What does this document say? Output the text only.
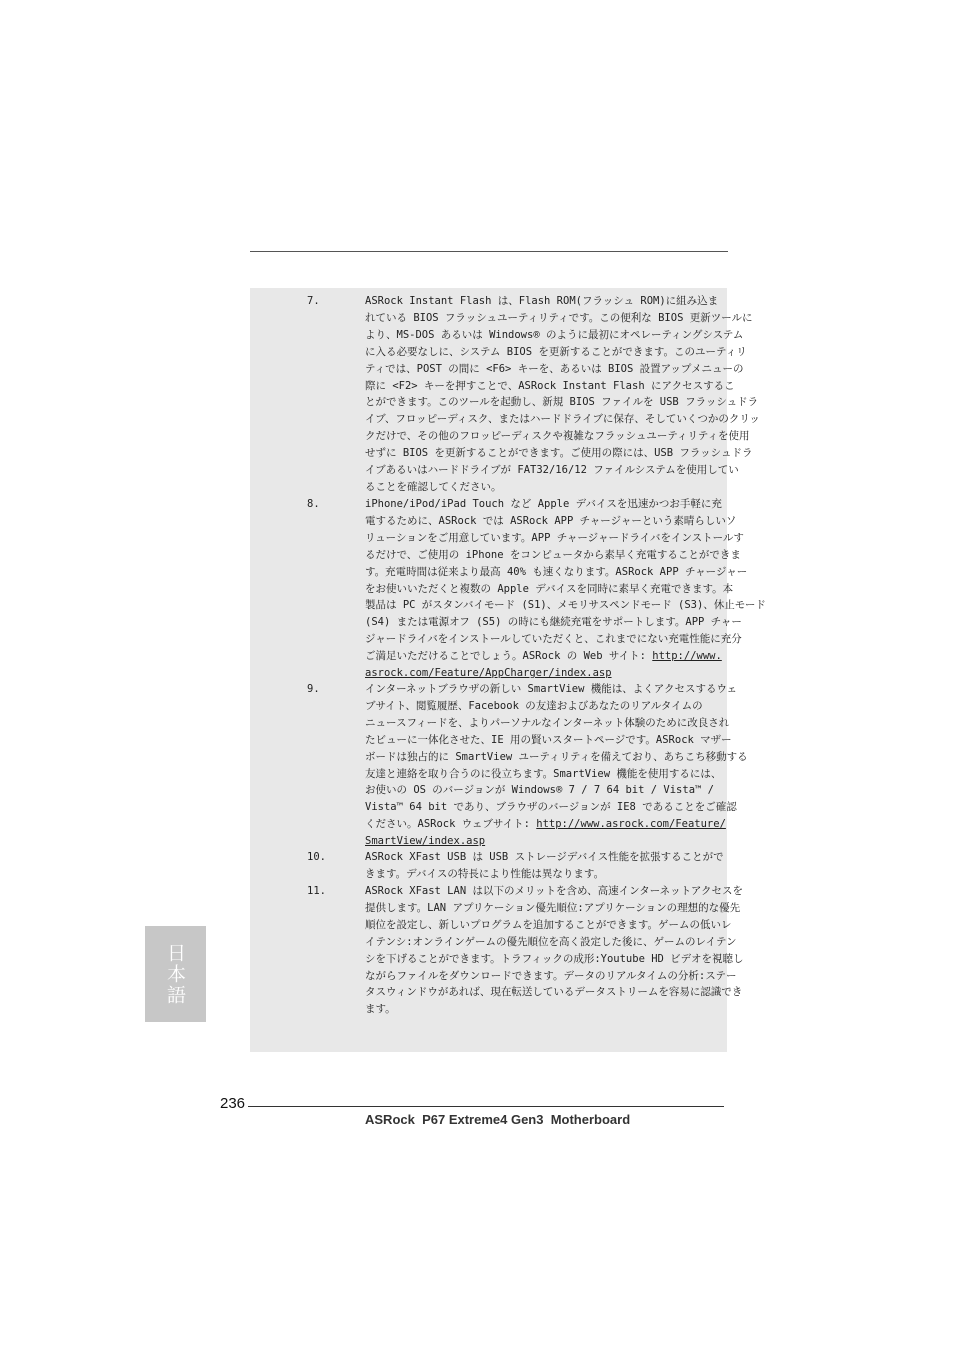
7.	ASRock Instant Flash は、Flash ROM(フラッシュ ROM)に組み込ま
れている BIOS フラッシュユーティリティです。この便利な BIOS 更新ツールに
より、MS-DOS あるいは Windows® のように最初にオペレーティングシステム
に入る必要なしに、システム BIOS を更新することができます。このユーティリ
ティでは、POST の間に <F6> キーを、あるいは BIOS 設置アップメニューの
際に <F2> キーを押すことで、ASRock Instant Flash にアクセスするこ
とができます。このツールを起動し、新規 BIOS ファイルを USB フラッシュドラ
イブ、フロッピーディスク、またはハードドライブに保存、そしていくつかのクリッ
クだけで、その他のフロッピーディスクや複雑なフラッシュユーティリティを使用
せずに BIOS を更新することができます。ご使用の際には、USB フラッシュドラ
イブあるいはハードドライブが FAT32/16/12 ファイルシステムを使用してい
ることを確認してください。
8.	iPhone/iPod/iPad Touch など Apple デバイスを迅速かつお手軽に充
電するために、ASRock では ASRock APP チャージャーという素晴らしいソ
リューションをご用意しています。APP チャージャードライバをインストールす
るだけで、ご使用の iPhone をコンピュータから素早く充電することができま
す。充電時間は従来より最高 40% も速くなります。ASRock APP チャージャー
をお使いいただくと複数の Apple デバイスを同時に素早く充電できます。本
製品は PC がスタンバイモード (S1)、メモリサスペンドモード (S3)、休止モード
(S4) または電源オフ (S5) の時にも継続充電をサポートします。APP チャー
ジャードライバをインストールしていただくと、これまでにない充電性能に充分
ご満足いただけることでしょう。ASRock の Web サイト: http://www.
asrock.com/Feature/AppCharger/index.asp
9.	インターネットブラウザの新しい SmartView 機能は、よくアクセスするウェ
ブサイト、閲覧履歴、Facebook の友達およびあなたのリアルタイムの
ニュースフィードを、よりパーソナルなインターネット体験のために改良され
たビューに一体化させた、IE 用の賢いスタートページです。ASRock マザー
ボードは独占的に SmartView ユーティリティを備えており、あちこち移動する
友達と連絡を取り合うのに役立ちます。SmartView 機能を使用するには、
お使いの OS のバージョンが Windows® 7 / 7 64 bit / Vista™ /
Vista™ 64 bit であり、ブラウザのバージョンが IE8 であることをご確認
ください。ASRock ウェブサイト: http://www.asrock.com/Feature/
SmartView/index.asp
10.	ASRock XFast USB は USB ストレージデバイス性能を拡張することがで
きます。デバイスの特長により性能は異なります。
11.	ASRock XFast LAN は以下のメリットを含め、高速インターネットアクセスを
提供します。LAN アプリケーション優先順位:アプリケーションの理想的な優先
順位を設定し、新しいプログラムを追加することができます。ゲームの低いレ
イテンシ:オンラインゲームの優先順位を高く設定した後に、ゲームのレイテン
シを下げることができます。トラフィックの成形:Youtube HD ビデオを視聴し
ながらファイルをダウンロードできます。データのリアルタイムの分析:ステー
タスウィンドウがあれば、現在転送しているデータストリームを容易に認識でき
ます。
日本語
236
ASRock  P67 Extreme4 Gen3  Motherboard
